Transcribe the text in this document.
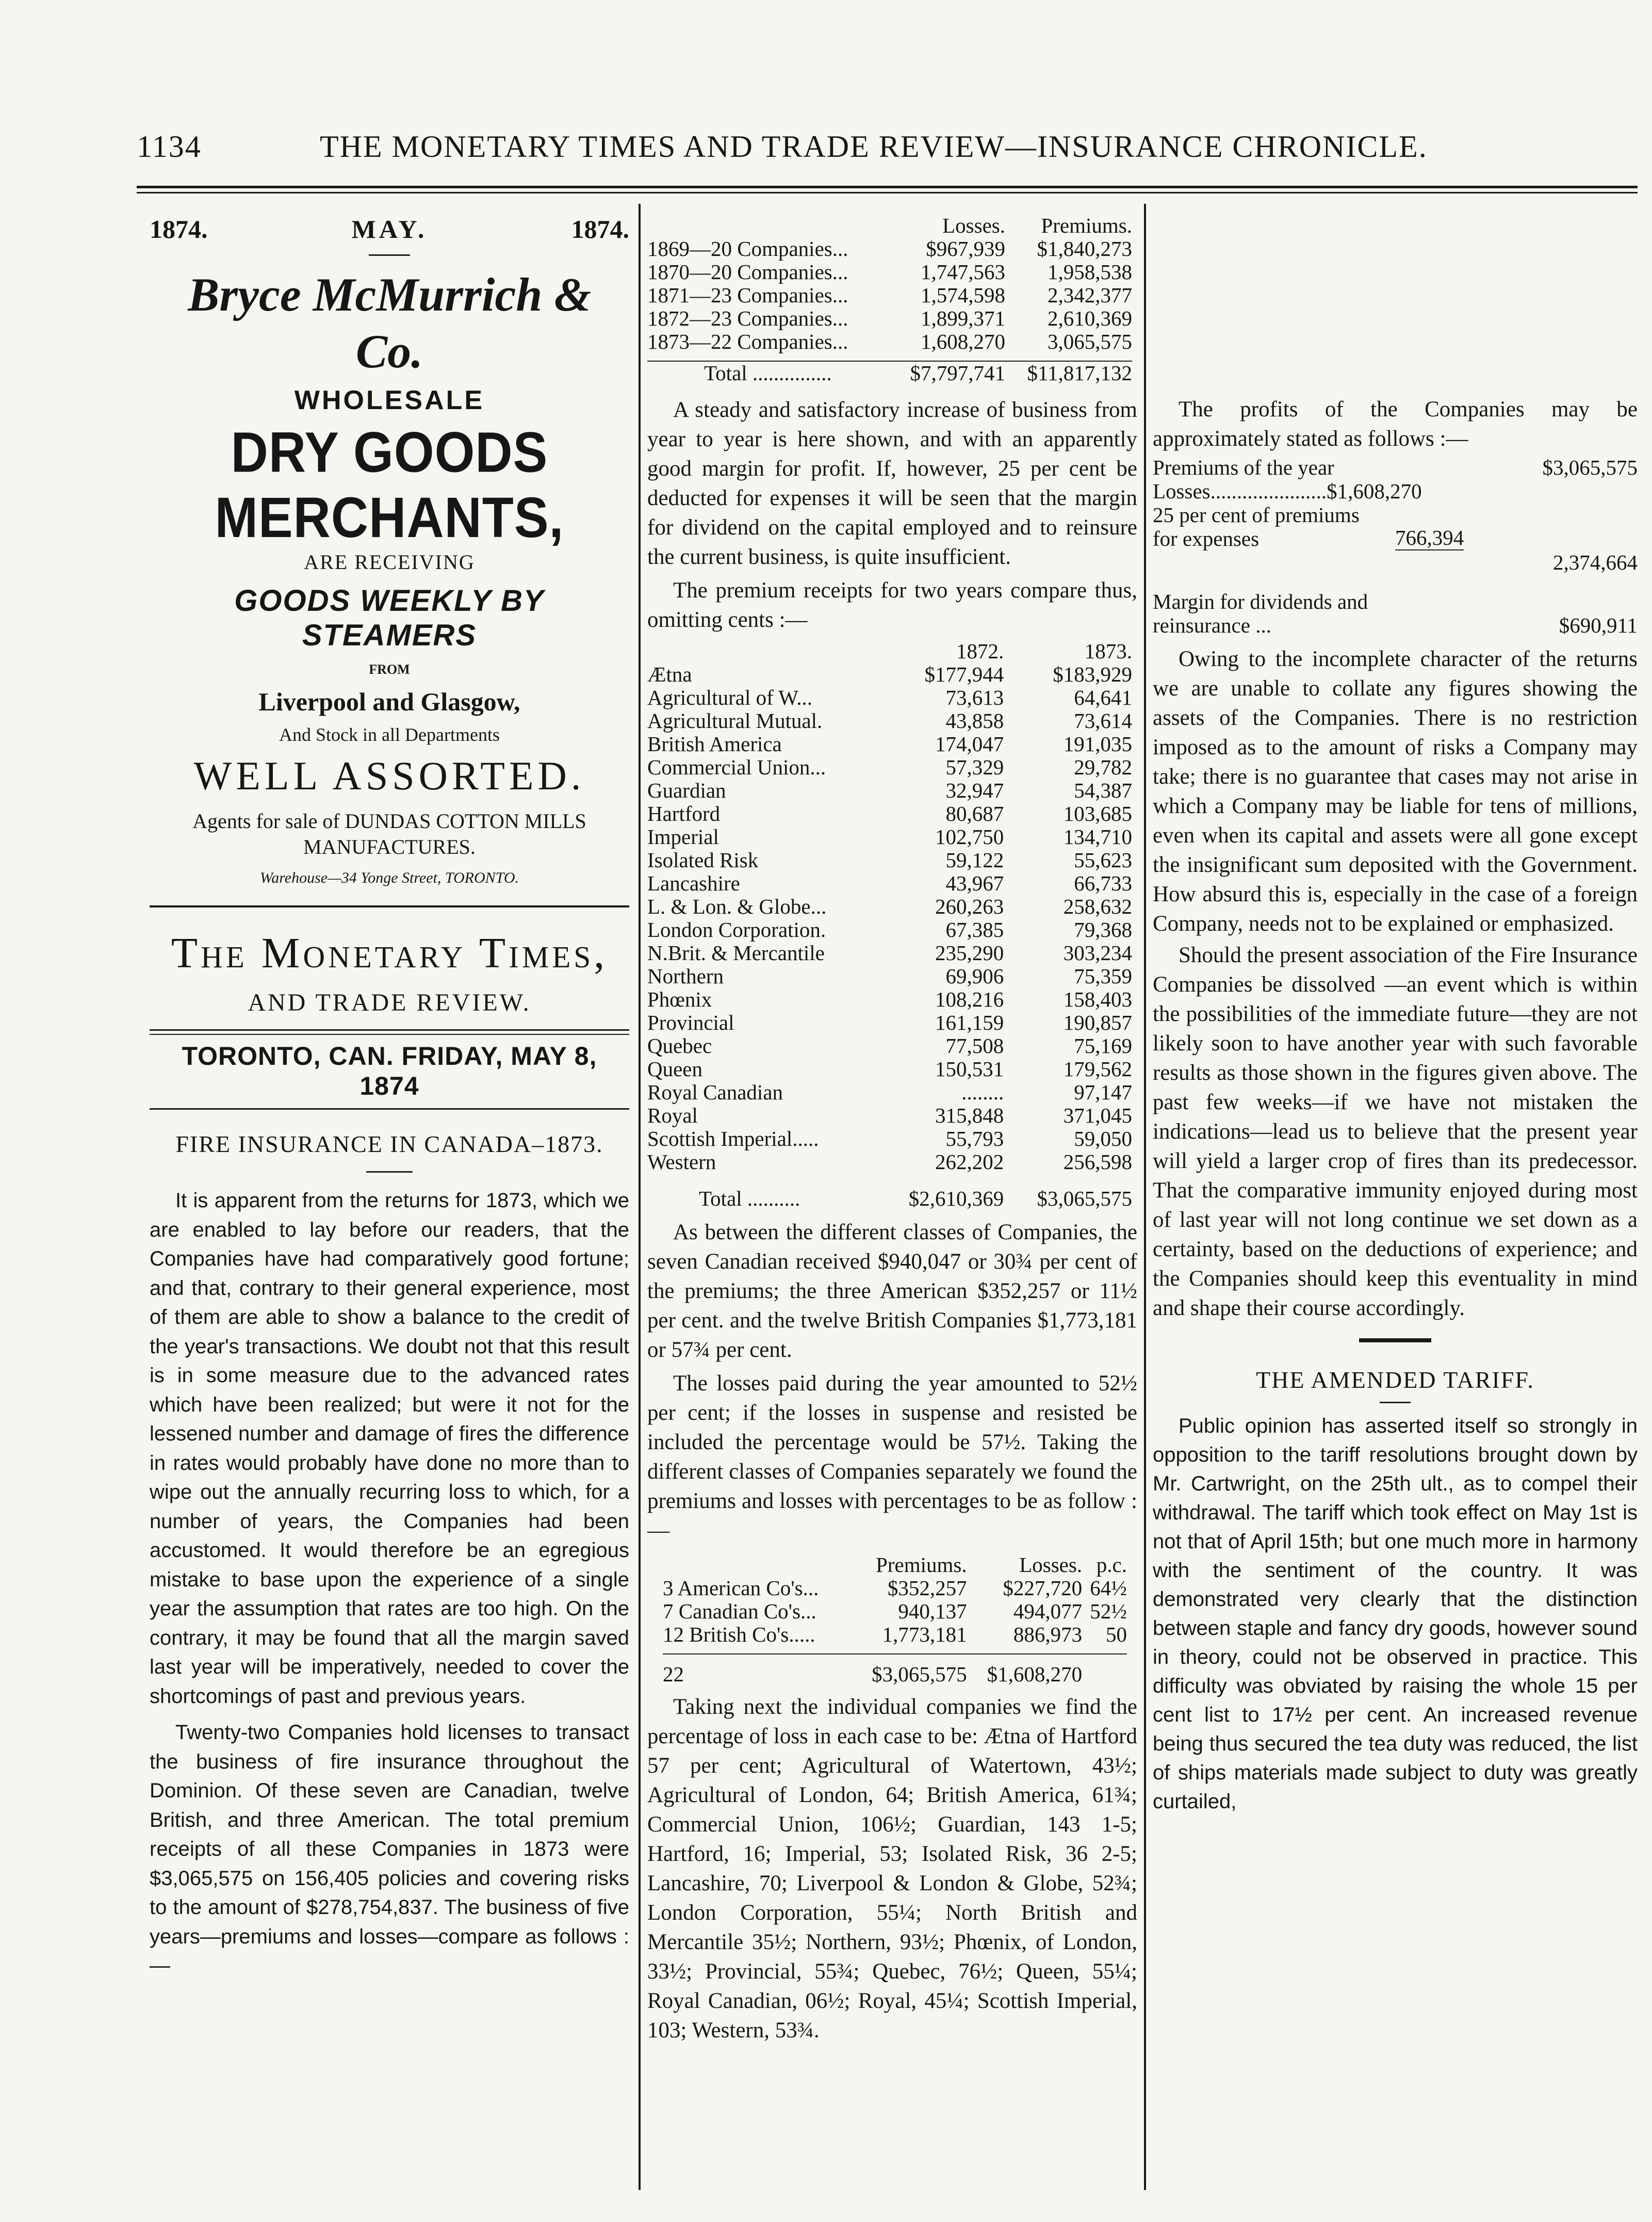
1134	THE MONETARY TIMES AND TRADE REVIEW—INSURANCE CHRONICLE.
1874.	MAY.	1874.
Bryce McMurrich & Co.
WHOLESALE
DRY GOODS MERCHANTS,
ARE RECEIVING
GOODS WEEKLY BY STEAMERS
FROM
Liverpool and Glasgow,
And Stock in all Departments
WELL ASSORTED.
Agents for sale of DUNDAS COTTON MILLS MANUFACTURES.
Warehouse—34 Yonge Street, TORONTO.
The Monetary Times,
AND TRADE REVIEW.
TORONTO, CAN. FRIDAY, MAY 8, 1874
FIRE INSURANCE IN CANADA–1873.

It is apparent from the returns for 1873, which we are enabled to lay before our readers, that the Companies have had comparatively good fortune; and that, contrary to their general experience, most of them are able to show a balance to the credit of the year's transactions. We doubt not that this result is in some measure due to the advanced rates which have been realized; but were it not for the lessened number and damage of fires the difference in rates would probably have done no more than to wipe out the annually recurring loss to which, for a number of years, the Companies had been accustomed. It would therefore be an egregious mistake to base upon the experience of a single year the assumption that rates are too high. On the contrary, it may be found that all the margin saved last year will be imperatively, needed to cover the shortcomings of past and previous years.

Twenty-two Companies hold licenses to transact the business of fire insurance throughout the Dominion. Of these seven are Canadian, twelve British, and three American. The total premium receipts of all these Companies in 1873 were $3,065,575 on 156,405 policies and covering risks to the amount of $278,754,837. The business of five years—premiums and losses—compare as follows :—

	Losses.	Premiums.
1869—20 Companies...	$967,939	$1,840,273
1870—20 Companies...	1,747,563	1,958,538
1871—23 Companies...	1,574,598	2,342,377
1872—23 Companies...	1,899,371	2,610,369
1873—22 Companies...	1,608,270	3,065,575

Total ...............	$7,797,741	$11,817,132

A steady and satisfactory increase of business from year to year is here shown, and with an apparently good margin for profit. If, however, 25 per cent be deducted for expenses it will be seen that the margin for dividend on the capital employed and to reinsure the current business, is quite insufficient.

The premium receipts for two years compare thus, omitting cents :—

	1872.	1873.
Ætna	$177,944	$183,929
Agricultural of W...	73,613	64,641
Agricultural Mutual.	43,858	73,614
British America	174,047	191,035
Commercial Union...	57,329	29,782
Guardian	32,947	54,387
Hartford	80,687	103,685
Imperial	102,750	134,710
Isolated Risk	59,122	55,623
Lancashire	43,967	66,733
L. & Lon. & Globe...	260,263	258,632
London Corporation.	67,385	79,368
N.Brit. & Mercantile	235,290	303,234
Northern	69,906	75,359
Phœnix	108,216	158,403
Provincial	161,159	190,857
Quebec	77,508	75,169
Queen	150,531	179,562
Royal Canadian	........	97,147
Royal	315,848	371,045
Scottish Imperial.....	55,793	59,050
Western	262,202	256,598

Total ..........	$2,610,369	$3,065,575

As between the different classes of Companies, the seven Canadian received $940,047 or 30¾ per cent of the premiums; the three American $352,257 or 11½ per cent. and the twelve British Companies $1,773,181 or 57¾ per cent.

The losses paid during the year amounted to 52½ per cent; if the losses in suspense and resisted be included the percentage would be 57½. Taking the different classes of Companies separately we found the premiums and losses with percentages to be as follow :—

	Premiums.	Losses.	p.c.
3 American Co's...	$352,257	$227,720	64½
7 Canadian Co's...	940,137	494,077	52½
12 British Co's.....	1,773,181	886,973	50

22	$3,065,575	$1,608,270	

Taking next the individual companies we find the percentage of loss in each case to be: Ætna of Hartford 57 per cent; Agricultural of Watertown, 43½; Agricultural of London, 64; British America, 61¾; Commercial Union, 106½; Guardian, 143 1-5; Hartford, 16; Imperial, 53; Isolated Risk, 36 2-5; Lancashire, 70; Liverpool & London & Globe, 52¾; London Corporation, 55¼; North British and Mercantile 35½; Northern, 93½; Phœnix, of London, 33½; Provincial, 55¾; Quebec, 76½; Queen, 55¼; Royal Canadian, 06½; Royal, 45¼; Scottish Imperial, 103; Western, 53¾.

The profits of the Companies may be approximately stated as follows :—

Premiums of the year	$3,065,575
Losses...................... $1,608,270
25 per cent of premiums for expenses	766,394
2,374,664
Margin for dividends and reinsurance ...	$690,911

Owing to the incomplete character of the returns we are unable to collate any figures showing the assets of the Companies. There is no restriction imposed as to the amount of risks a Company may take; there is no guarantee that cases may not arise in which a Company may be liable for tens of millions, even when its capital and assets were all gone except the insignificant sum deposited with the Government. How absurd this is, especially in the case of a foreign Company, needs not to be explained or emphasized.

Should the present association of the Fire Insurance Companies be dissolved —an event which is within the possibilities of the immediate future—they are not likely soon to have another year with such favorable results as those shown in the figures given above. The past few weeks—if we have not mistaken the indications—lead us to believe that the present year will yield a larger crop of fires than its predecessor. That the comparative immunity enjoyed during most of last year will not long continue we set down as a certainty, based on the deductions of experience; and the Companies should keep this eventuality in mind and shape their course accordingly.

THE AMENDED TARIFF.

Public opinion has asserted itself so strongly in opposition to the tariff resolutions brought down by Mr. Cartwright, on the 25th ult., as to compel their withdrawal. The tariff which took effect on May 1st is not that of April 15th; but one much more in harmony with the sentiment of the country. It was demonstrated very clearly that the distinction between staple and fancy dry goods, however sound in theory, could not be observed in practice. This difficulty was obviated by raising the whole 15 per cent list to 17½ per cent. An increased revenue being thus secured the tea duty was reduced, the list of ships materials made subject to duty was greatly curtailed,
